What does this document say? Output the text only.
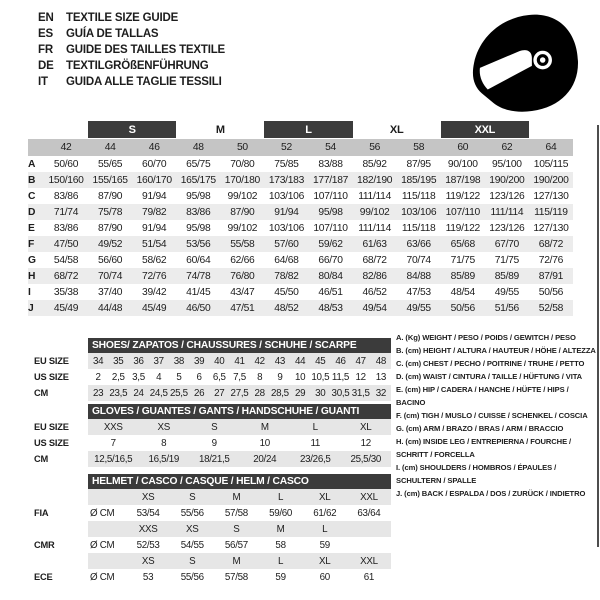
EN	TEXTILE SIZE GUIDE
ES	GUÍA DE TALLAS
FR	GUIDE DES TAILLES TEXTILE
DE	TEXTILGRÖßENFÜHRUNG
IT	GUIDA ALLE TAGLIE TESSILI
S	M	L	XL	XXL
42	44	46	48	50	52	54	56	58	60	62	64
A	50/60	55/65	60/70	65/75	70/80	75/85	83/88	85/92	87/95	90/100	95/100	105/115
B	150/160 155/165 160/170 165/175 170/180 173/183 177/187 182/190 185/195 187/198 190/200 190/200
C	83/86	87/90	91/94	95/98	99/102	103/106 107/110	111/114	115/118 119/122 123/126 127/130
D	71/74	75/78	79/82	83/86	87/90	91/94	95/98	99/102	103/106 107/110	111/114	115/119
E	83/86	87/90	91/94	95/98	99/102	103/106 107/110	111/114	115/118 119/122 123/126 127/130
F	47/50	49/52	51/54	53/56	55/58	57/60	59/62	61/63	63/66	65/68	67/70	68/72
G	54/58	56/60	58/62	60/64	62/66	64/68	66/70	68/72	70/74	71/75	71/75	72/76
H	68/72	70/74	72/76	74/78	76/80	78/82	80/84	82/86	84/88	85/89	85/89	87/91
I	35/38	37/40	39/42	41/45	43/47	45/50	46/51	46/52	47/53	48/54	49/55	50/56
J	45/49	44/48	45/49	46/50	47/51	48/52	48/53	49/54	49/55	50/56	51/56	52/58
SHOES/ ZAPATOS / CHAUSSURES / SCHUHE / SCARPE
EU SIZE	34	35	36	37	38	39	40	41	42	43	44	45	46	47	48
US SIZE	2	2,5 3,5	4	5	6	6,5 7,5	8	9	10 10,5 11,5 12	13
CM	23 23,5 24 24,5 25,5 26	27 27,5 28 28,5 29	30 30,5 31,5 32
GLOVES / GUANTES / GANTS / HANDSCHUHE / GUANTI
EU SIZE	XXS	XS	S	M	L	XL
US SIZE	7	8	9	10	11	12
CM	12,5/16,5	16,5/19	18/21,5	20/24	23/26,5	25,5/30
HELMET / CASCO / CASQUE / HELM / CASCO
XS	S	M	L	XL	XXL
FIA	Ø CM	53/54	55/56	57/58	59/60	61/62	63/64
XXS	XS	S	M	L
CMR	Ø CM	52/53	54/55	56/57	58	59
XS	S	M	L	XL	XXL
ECE	Ø CM	53	55/56	57/58	59	60	61
A. (Kg) WEIGHT / PESO / POIDS / GEWITCH / PESO
B. (cm) HEIGHT / ALTURA / HAUTEUR / HÖHE / ALTEZZA
C. (cm) CHEST / PECHO / POITRINE / TRUHE / PETTO
D. (cm) WAIST / CINTURA / TAILLE / HÜFTUNG / VITA
E. (cm) HIP / CADERA / HANCHE / HÜFTE / HIPS / BACINO
F. (cm) TIGH / MUSLO / CUISSE / SCHENKEL / COSCIA
G. (cm) ARM / BRAZO / BRAS / ARM / BRACCIO
H. (cm) INSIDE LEG / ENTREPIERNA / FOURCHE / SCHRITT / FORCELLA
I. (cm) SHOULDERS / HOMBROS / ÉPAULES / SCHULTERN / SPALLE
J. (cm) BACK / ESPALDA / DOS / ZURÜCK / INDIETRO
